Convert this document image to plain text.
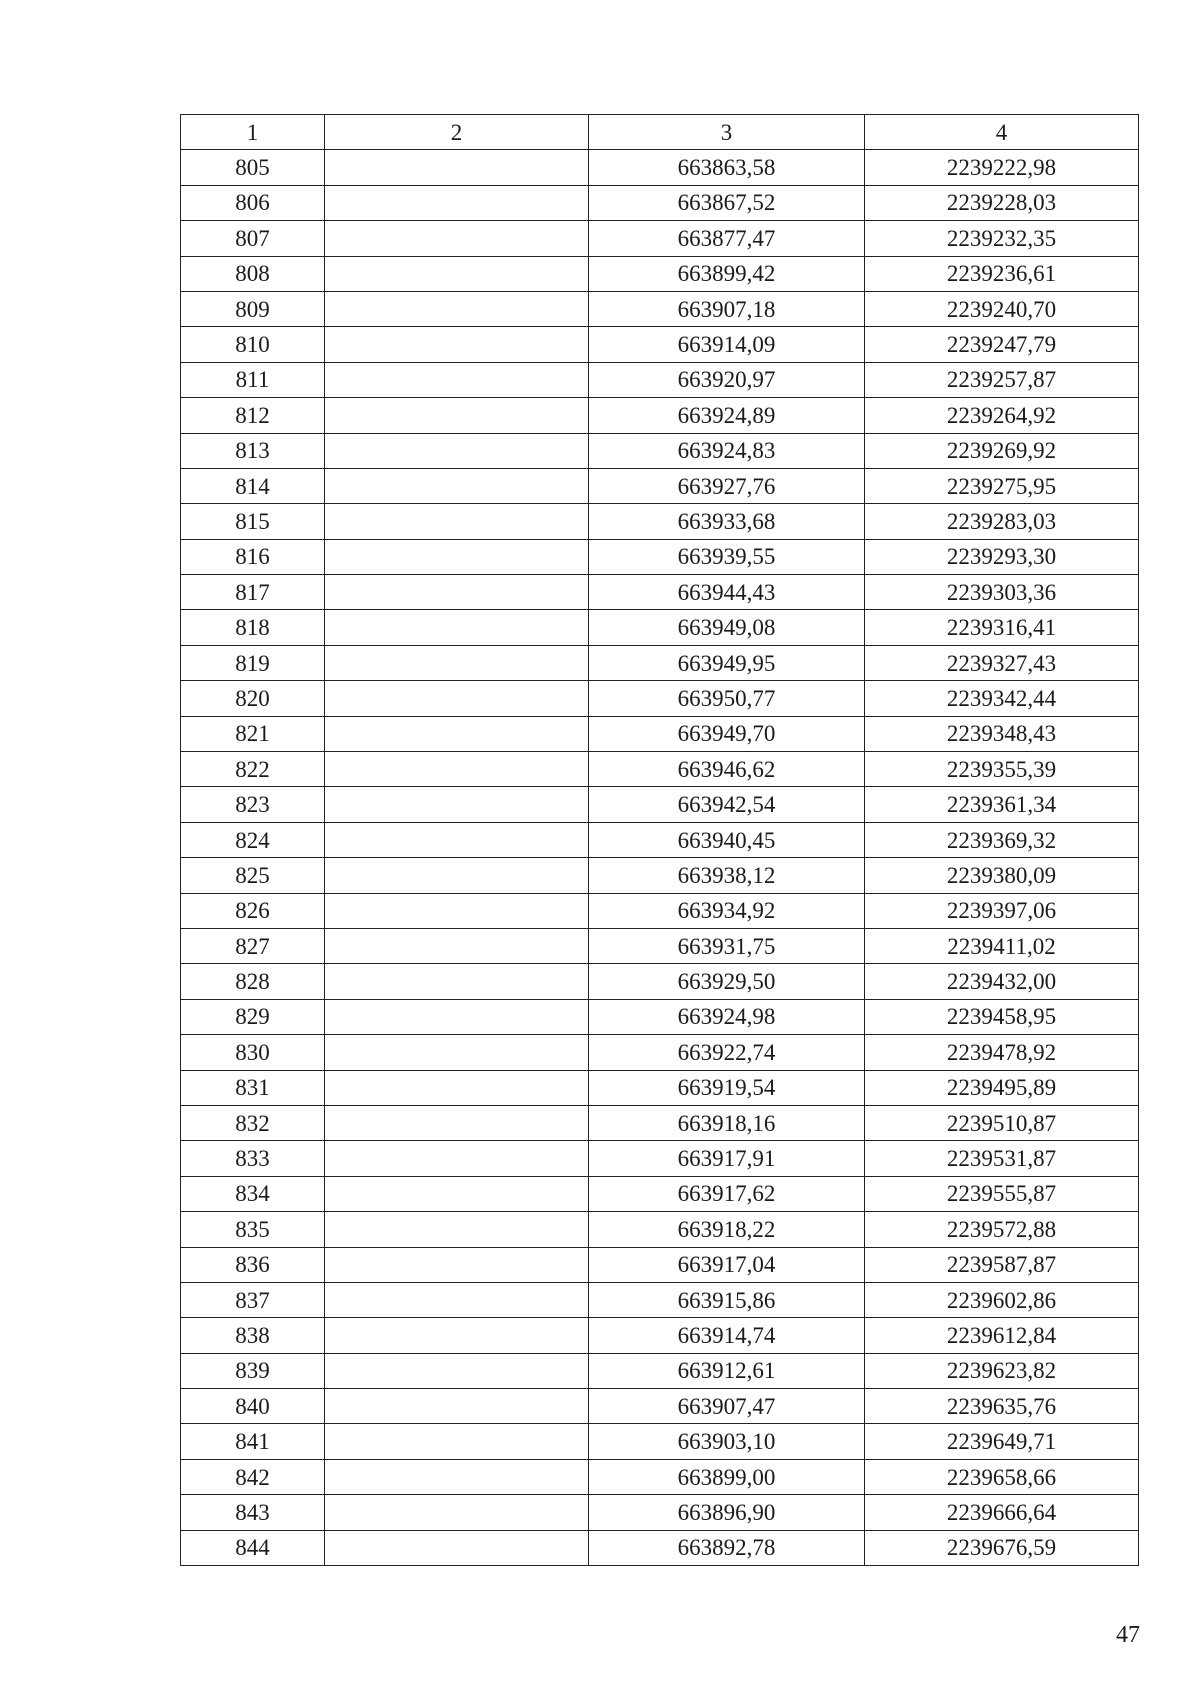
1	2	3	4
805		663863,58	2239222,98
806		663867,52	2239228,03
807		663877,47	2239232,35
808		663899,42	2239236,61
809		663907,18	2239240,70
810		663914,09	2239247,79
811		663920,97	2239257,87
812		663924,89	2239264,92
813		663924,83	2239269,92
814		663927,76	2239275,95
815		663933,68	2239283,03
816		663939,55	2239293,30
817		663944,43	2239303,36
818		663949,08	2239316,41
819		663949,95	2239327,43
820		663950,77	2239342,44
821		663949,70	2239348,43
822		663946,62	2239355,39
823		663942,54	2239361,34
824		663940,45	2239369,32
825		663938,12	2239380,09
826		663934,92	2239397,06
827		663931,75	2239411,02
828		663929,50	2239432,00
829		663924,98	2239458,95
830		663922,74	2239478,92
831		663919,54	2239495,89
832		663918,16	2239510,87
833		663917,91	2239531,87
834		663917,62	2239555,87
835		663918,22	2239572,88
836		663917,04	2239587,87
837		663915,86	2239602,86
838		663914,74	2239612,84
839		663912,61	2239623,82
840		663907,47	2239635,76
841		663903,10	2239649,71
842		663899,00	2239658,66
843		663896,90	2239666,64
844		663892,78	2239676,59
47
